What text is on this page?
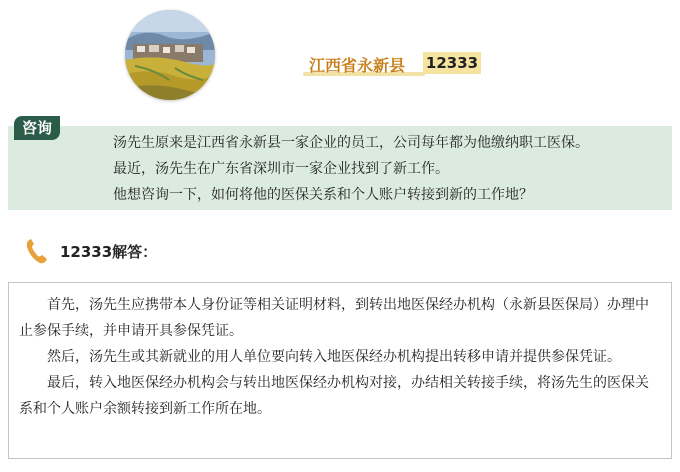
江西省永新县 12333
咨询
汤先生原来是江西省永新县一家企业的员工，公司每年都为他缴纳职工医保。
最近，汤先生在广东省深圳市一家企业找到了新工作。
他想咨询一下，如何将他的医保关系和个人账户转接到新的工作地？
12333解答：

首先，汤先生应携带本人身份证等相关证明材料，到转出地医保经办机构（永新县医保局）办理中止参保手续，并申请开具参保凭证。

然后，汤先生或其新就业的用人单位要向转入地医保经办机构提出转移申请并提供参保凭证。

最后，转入地医保经办机构会与转出地医保经办机构对接，办结相关转接手续，将汤先生的医保关系和个人账户余额转接到新工作所在地。
